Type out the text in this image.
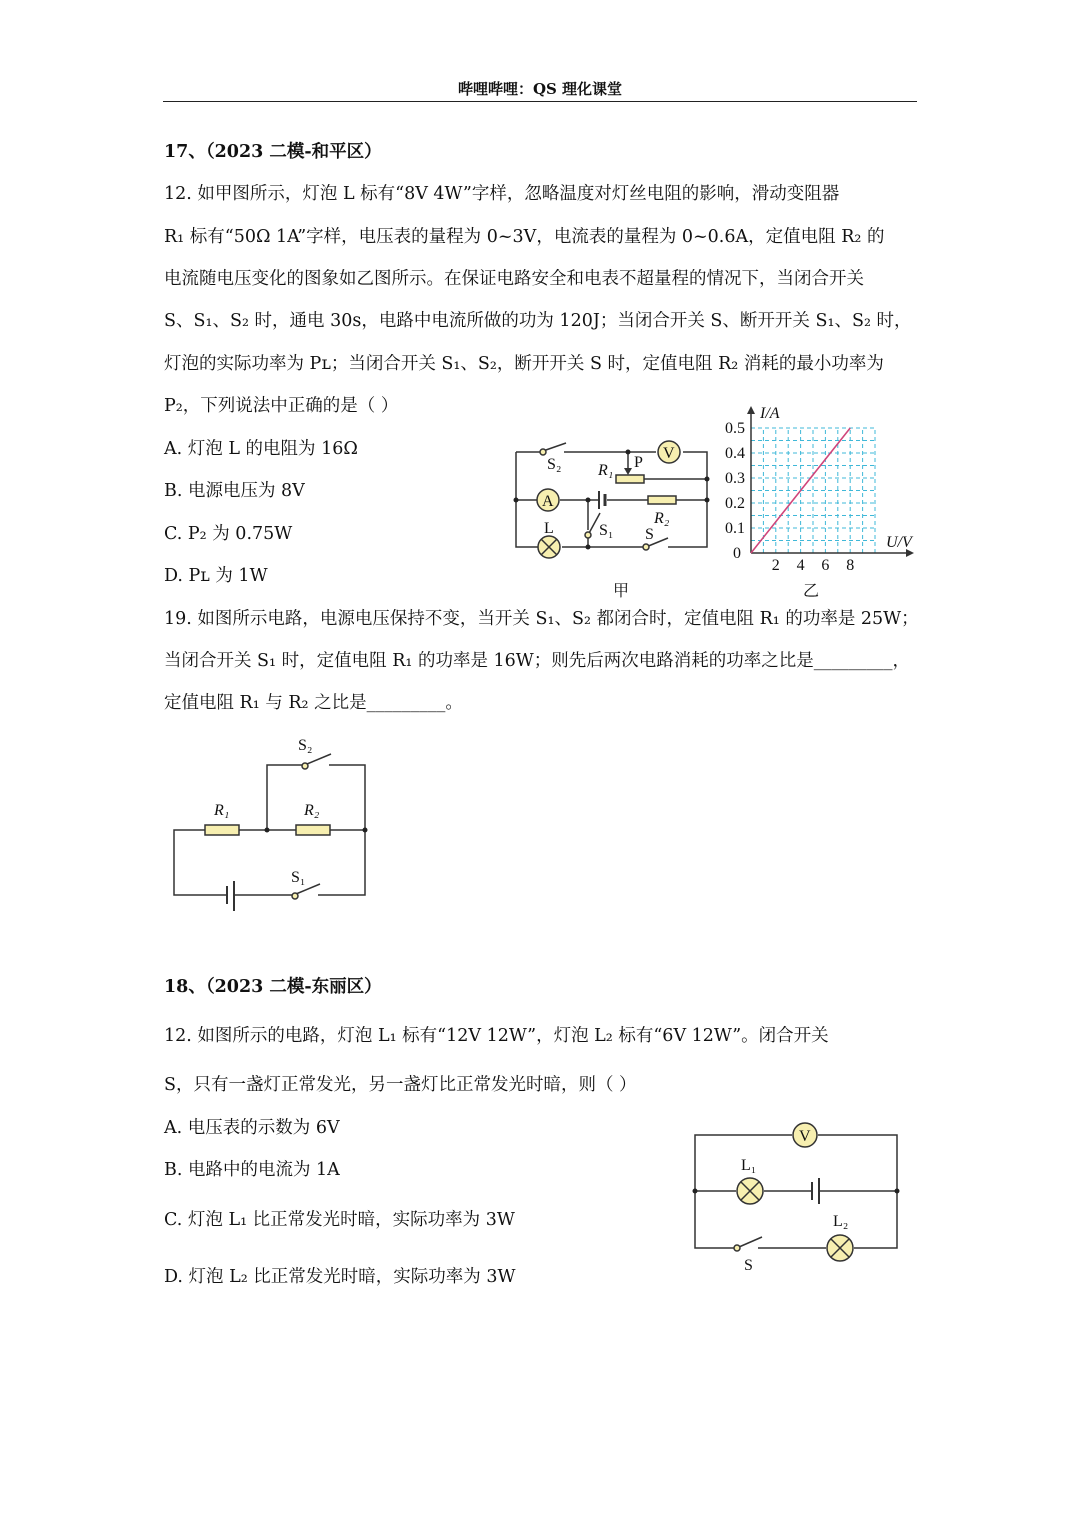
哔哩哔哩：QS 理化课堂
17、（2023 二模-和平区）
12. 如甲图所示，灯泡 L 标有“8V 4W”字样，忽略温度对灯丝电阻的影响，滑动变阻器
R₁ 标有“50Ω 1A”字样，电压表的量程为 0~3V，电流表的量程为 0~0.6A，定值电阻 R₂ 的
电流随电压变化的图象如乙图所示。在保证电路安全和电表不超量程的情况下，当闭合开关
S、S₁、S₂ 时，通电 30s，电路中电流所做的功为 120J；当闭合开关 S、断开开关 S₁、S₂ 时，
灯泡的实际功率为 Pʟ；当闭合开关 S₁、S₂，断开开关 S 时，定值电阻 R₂ 消耗的最小功率为
P₂，下列说法中正确的是（ ）
A. 灯泡 L 的电阻为 16Ω
B. 电源电压为 8V
C. P₂ 为 0.75W
D. Pʟ 为 1W
S₂ R₁ P
V
A
R₂
L	S₁ S
甲
2 4 6 8
0.1
0.2
0.3
0.4
0.5
乙
I/A
U/V
0
19. 如图所示电路，电源电压保持不变，当开关 S₁、S₂ 都闭合时，定值电阻 R₁ 的功率是 25W；
当闭合开关 S₁ 时，定值电阻 R₁ 的功率是 16W；则先后两次电路消耗的功率之比是_________，
定值电阻 R₁ 与 R₂ 之比是_________。
S₂
R₁	R₂
S₁
18、（2023 二模-东丽区）
12. 如图所示的电路，灯泡 L₁ 标有“12V 12W”，灯泡 L₂ 标有“6V 12W”。闭合开关
S，只有一盏灯正常发光，另一盏灯比正常发光时暗，则（ ）
A. 电压表的示数为 6V
B. 电路中的电流为 1A
C. 灯泡 L₁ 比正常发光时暗，实际功率为 3W
D. 灯泡 L₂ 比正常发光时暗，实际功率为 3W
V
L₁
L₂
S
